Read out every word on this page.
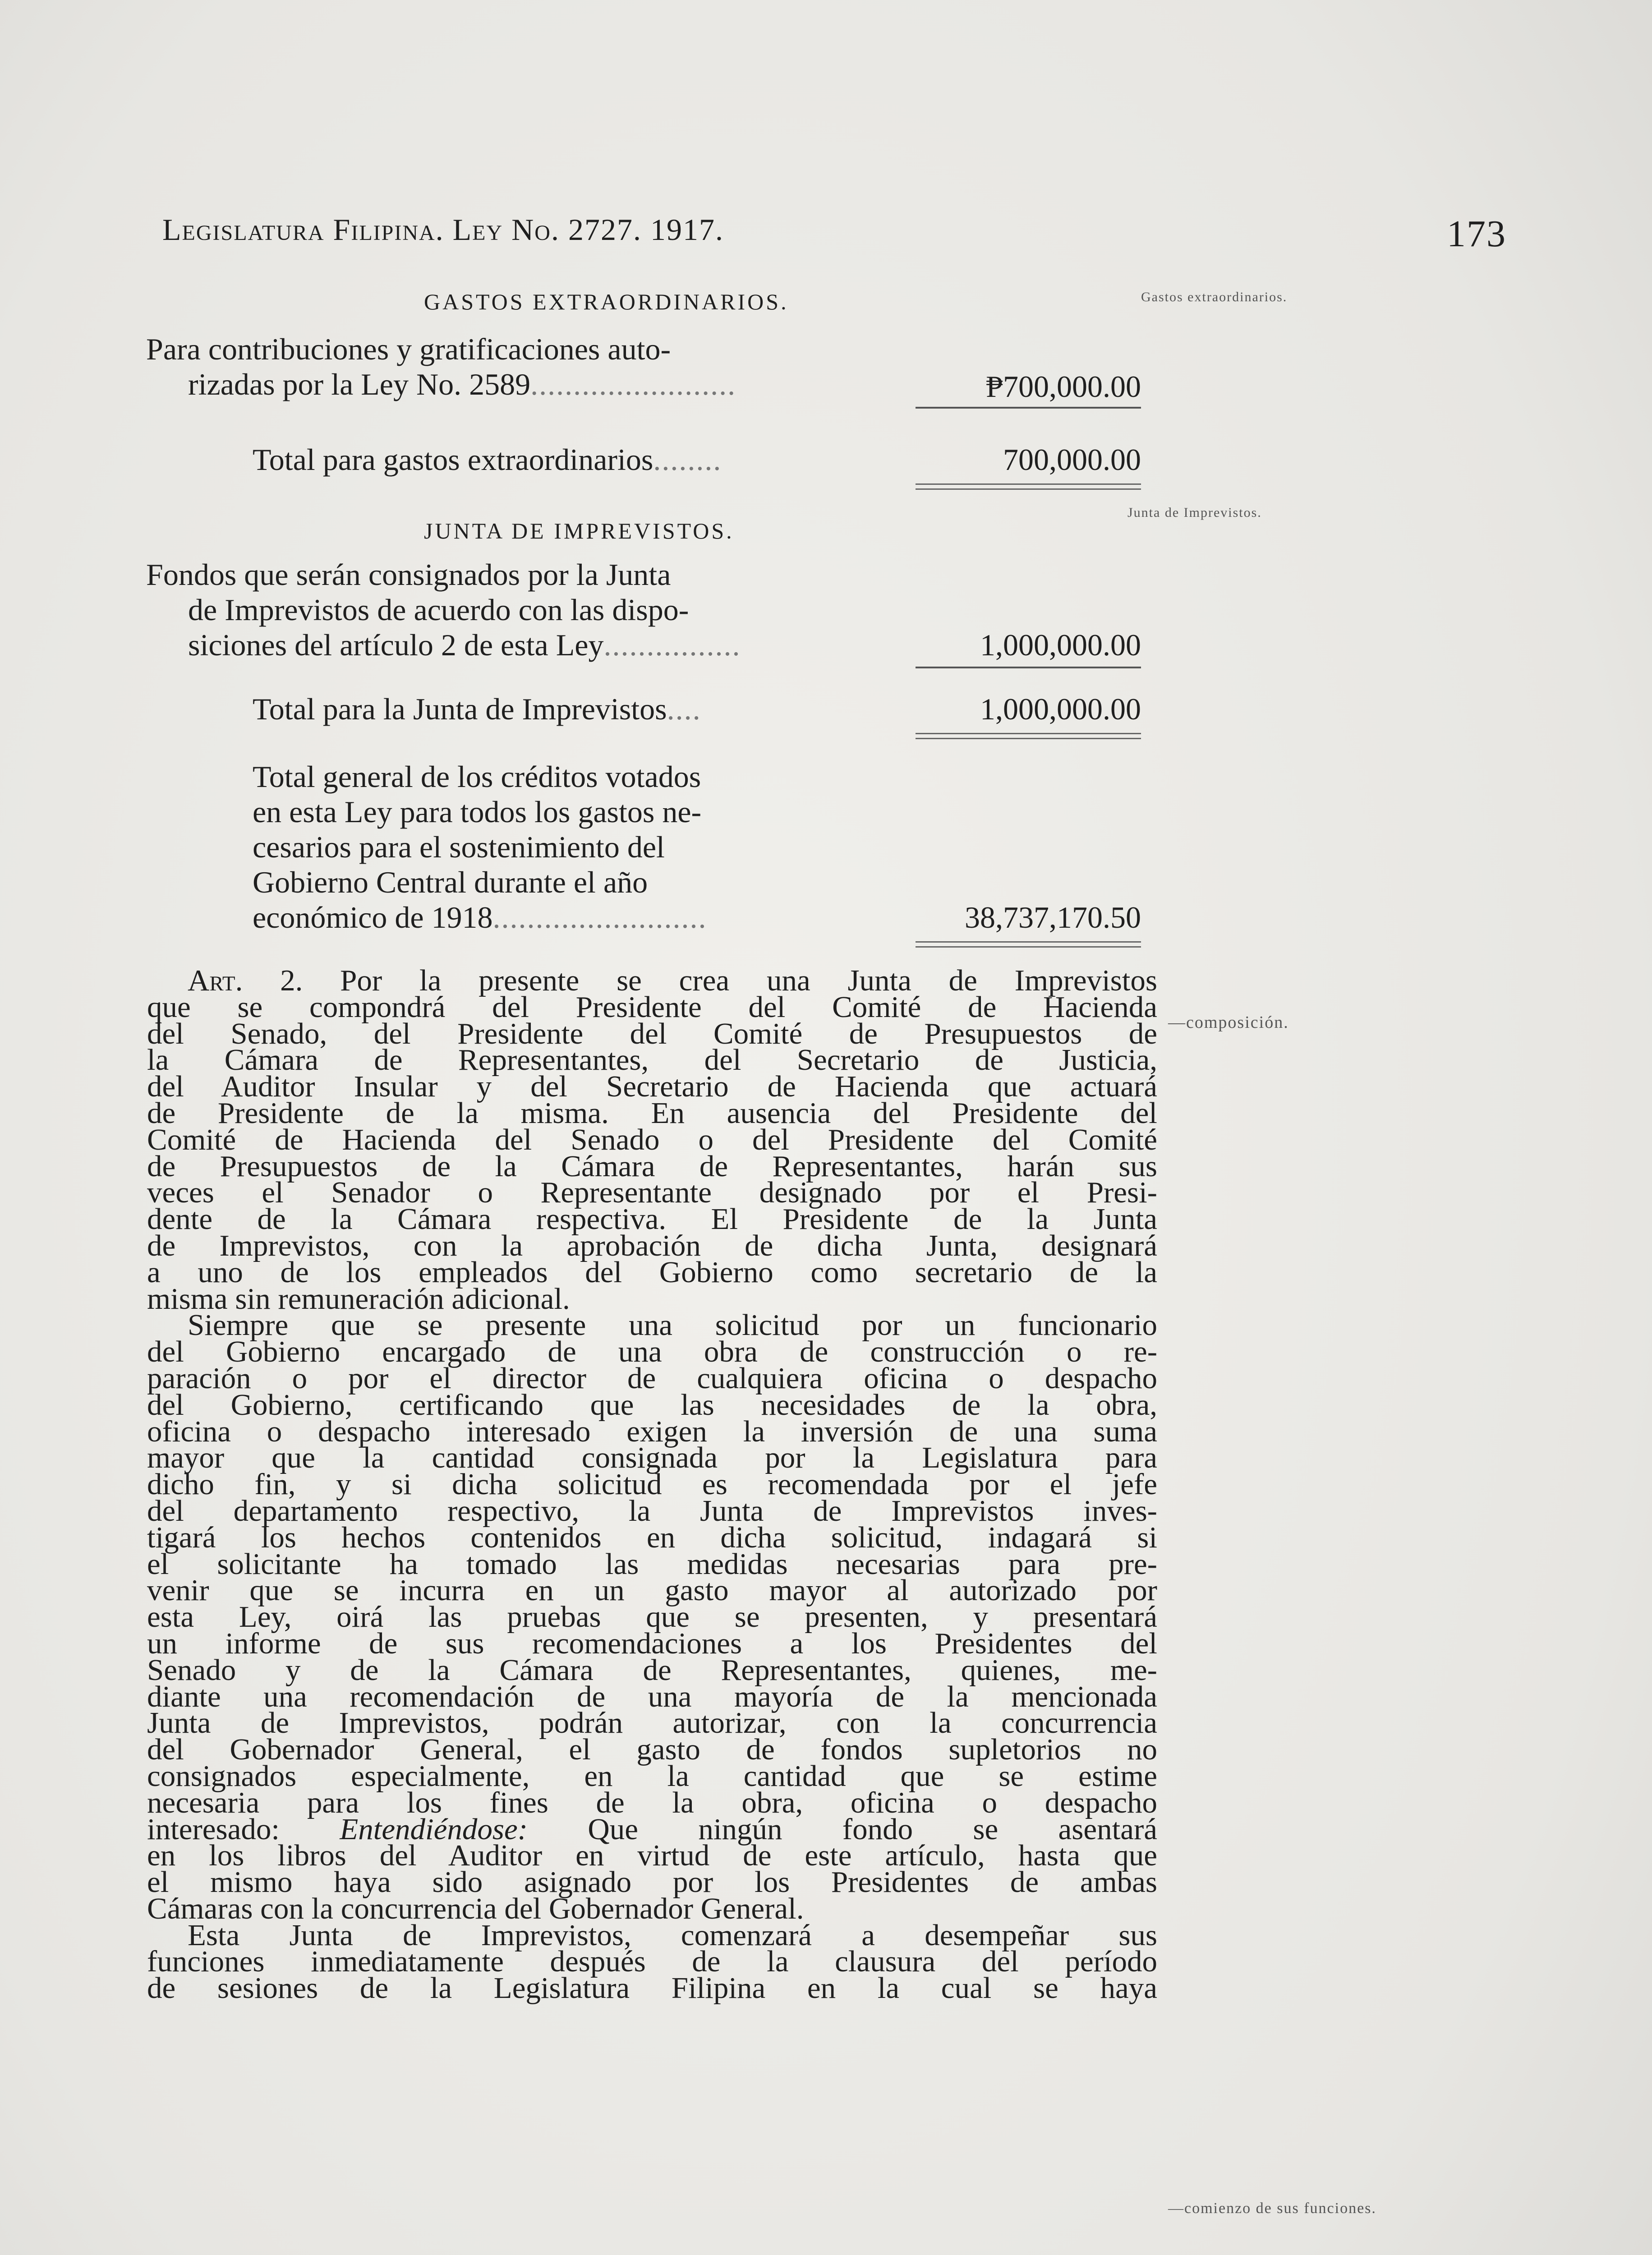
Legislatura Filipina. Ley No. 2727. 1917.	173
GASTOS EXTRAORDINARIOS.
Para contribuciones y gratificaciones auto-
rizadas por la Ley No. 2589........................	₱700,000.00
Total para gastos extraordinarios........	700,000.00
Gastos extraordinarios.
JUNTA DE IMPREVISTOS.
Fondos que serán consignados por la Junta
de Imprevistos de acuerdo con las dispo-
siciones del artículo 2 de esta Ley................	1,000,000.00
Total para la Junta de Imprevistos....	1,000,000.00
Junta de Imprevistos.
Total general de los créditos votados
en esta Ley para todos los gastos ne-
cesarios para el sostenimiento del
Gobierno Central durante el año
económico de 1918.........................	38,737,170.50
—composición.
—comienzo de sus funciones.
Art. 2. Por la presente se crea una Junta de Imprevistos
que se compondrá del Presidente del Comité de Hacienda
del Senado, del Presidente del Comité de Presupuestos de
la Cámara de Representantes, del Secretario de Justicia,
del Auditor Insular y del Secretario de Hacienda que actuará
de Presidente de la misma. En ausencia del Presidente del
Comité de Hacienda del Senado o del Presidente del Comité
de Presupuestos de la Cámara de Representantes, harán sus
veces el Senador o Representante designado por el Presi-
dente de la Cámara respectiva. El Presidente de la Junta
de Imprevistos, con la aprobación de dicha Junta, designará
a uno de los empleados del Gobierno como secretario de la
misma sin remuneración adicional.
Siempre que se presente una solicitud por un funcionario
del Gobierno encargado de una obra de construcción o re-
paración o por el director de cualquiera oficina o despacho
del Gobierno, certificando que las necesidades de la obra,
oficina o despacho interesado exigen la inversión de una suma
mayor que la cantidad consignada por la Legislatura para
dicho fin, y si dicha solicitud es recomendada por el jefe
del departamento respectivo, la Junta de Imprevistos inves-
tigará los hechos contenidos en dicha solicitud, indagará si
el solicitante ha tomado las medidas necesarias para pre-
venir que se incurra en un gasto mayor al autorizado por
esta Ley, oirá las pruebas que se presenten, y presentará
un informe de sus recomendaciones a los Presidentes del
Senado y de la Cámara de Representantes, quienes, me-
diante una recomendación de una mayoría de la mencionada
Junta de Imprevistos, podrán autorizar, con la concurrencia
del Gobernador General, el gasto de fondos supletorios no
consignados especialmente, en la cantidad que se estime
necesaria para los fines de la obra, oficina o despacho
interesado: Entendiéndose: Que ningún fondo se asentará
en los libros del Auditor en virtud de este artículo, hasta que
el mismo haya sido asignado por los Presidentes de ambas
Cámaras con la concurrencia del Gobernador General.
Esta Junta de Imprevistos, comenzará a desempeñar sus
funciones inmediatamente después de la clausura del período
de sesiones de la Legislatura Filipina en la cual se haya
